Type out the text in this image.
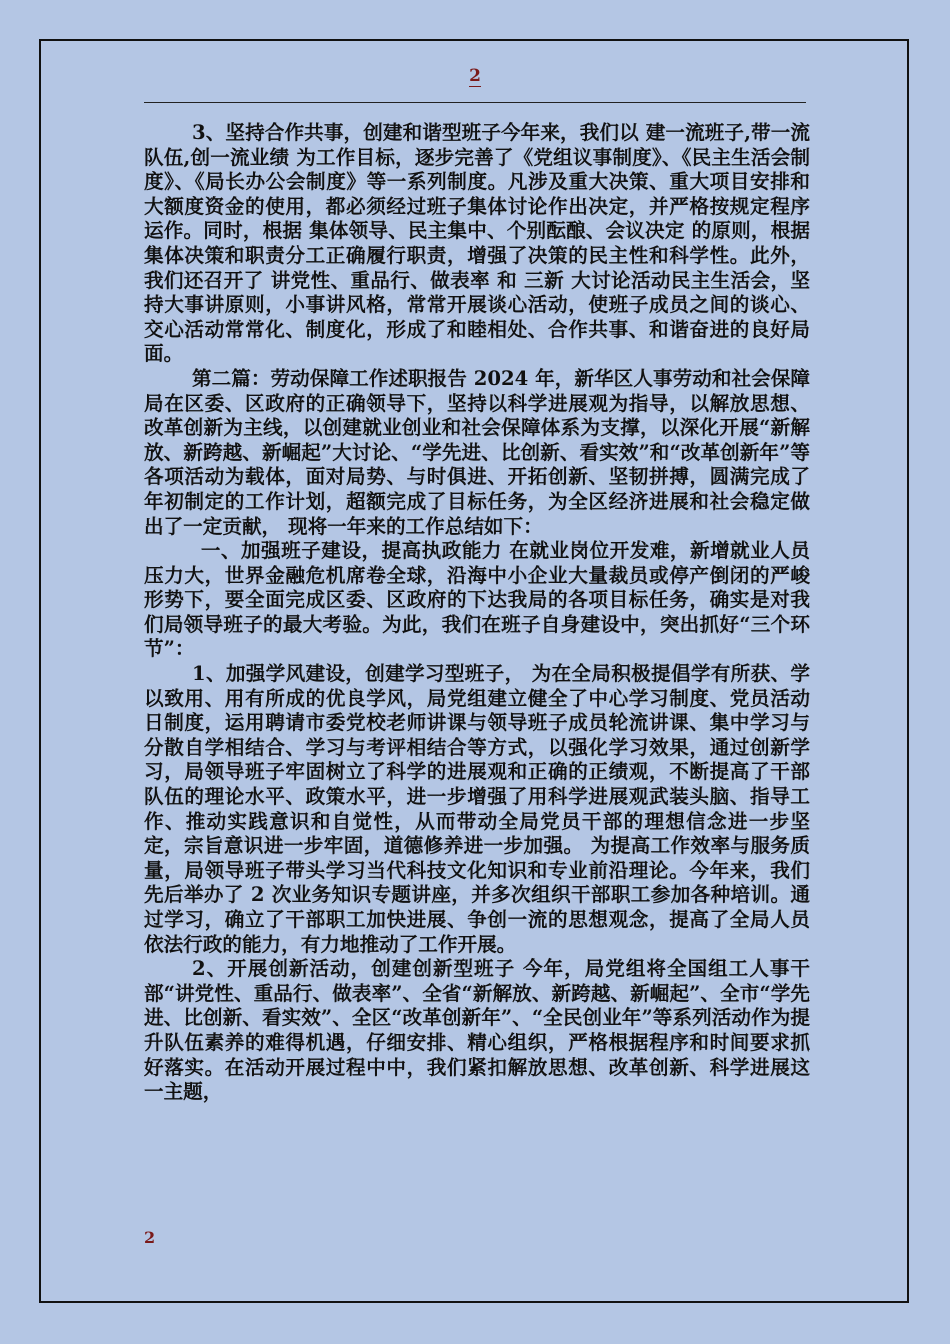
2

3、坚持合作共事，创建和谐型班子今年来，我们以 建一流班子,带一流队伍,创一流业绩 为工作目标，逐步完善了《党组议事制度》、《民主生活会制度》、《局长办公会制度》等一系列制度。凡涉及重大决策、重大项目安排和大额度资金的使用，都必须经过班子集体讨论作出决定，并严格按规定程序运作。同时，根据 集体领导、民主集中、个别酝酿、会议决定 的原则，根据集体决策和职责分工正确履行职责，增强了决策的民主性和科学性。此外，我们还召开了 讲党性、重品行、做表率 和 三新 大讨论活动民主生活会，坚持大事讲原则，小事讲风格，常常开展谈心活动，使班子成员之间的谈心、交心活动常常化、制度化，形成了和睦相处、合作共事、和谐奋进的良好局面。

第二篇：劳动保障工作述职报告 2024 年，新华区人事劳动和社会保障局在区委、区政府的正确领导下，坚持以科学进展观为指导，以解放思想、改革创新为主线，以创建就业创业和社会保障体系为支撑，以深化开展“新解放、新跨越、新崛起”大讨论、“学先进、比创新、看实效”和“改革创新年”等各项活动为载体，面对局势、与时俱进、开拓创新、坚韧拼搏，圆满完成了年初制定的工作计划，超额完成了目标任务，为全区经济进展和社会稳定做出了一定贡献， 现将一年来的工作总结如下：

一、加强班子建设，提高执政能力 在就业岗位开发难，新增就业人员压力大，世界金融危机席卷全球，沿海中小企业大量裁员或停产倒闭的严峻形势下，要全面完成区委、区政府的下达我局的各项目标任务，确实是对我们局领导班子的最大考验。为此，我们在班子自身建设中，突出抓好“三个环节”：

1、加强学风建设，创建学习型班子， 为在全局积极提倡学有所获、学以致用、用有所成的优良学风，局党组建立健全了中心学习制度、党员活动日制度，运用聘请市委党校老师讲课与领导班子成员轮流讲课、集中学习与分散自学相结合、学习与考评相结合等方式，以强化学习效果，通过创新学习，局领导班子牢固树立了科学的进展观和正确的正绩观，不断提高了干部队伍的理论水平、政策水平，进一步增强了用科学进展观武装头脑、指导工作、推动实践意识和自觉性，从而带动全局党员干部的理想信念进一步坚定，宗旨意识进一步牢固，道德修养进一步加强。 为提高工作效率与服务质量，局领导班子带头学习当代科技文化知识和专业前沿理论。今年来，我们先后举办了 2 次业务知识专题讲座，并多次组织干部职工参加各种培训。通过学习，确立了干部职工加快进展、争创一流的思想观念，提高了全局人员依法行政的能力，有力地推动了工作开展。

2、开展创新活动，创建创新型班子 今年，局党组将全国组工人事干部“讲党性、重品行、做表率”、全省“新解放、新跨越、新崛起”、全市“学先进、比创新、看实效”、全区“改革创新年”、“全民创业年”等系列活动作为提升队伍素养的难得机遇，仔细安排、精心组织，严格根据程序和时间要求抓好落实。在活动开展过程中中，我们紧扣解放思想、改革创新、科学进展这一主题，

2
